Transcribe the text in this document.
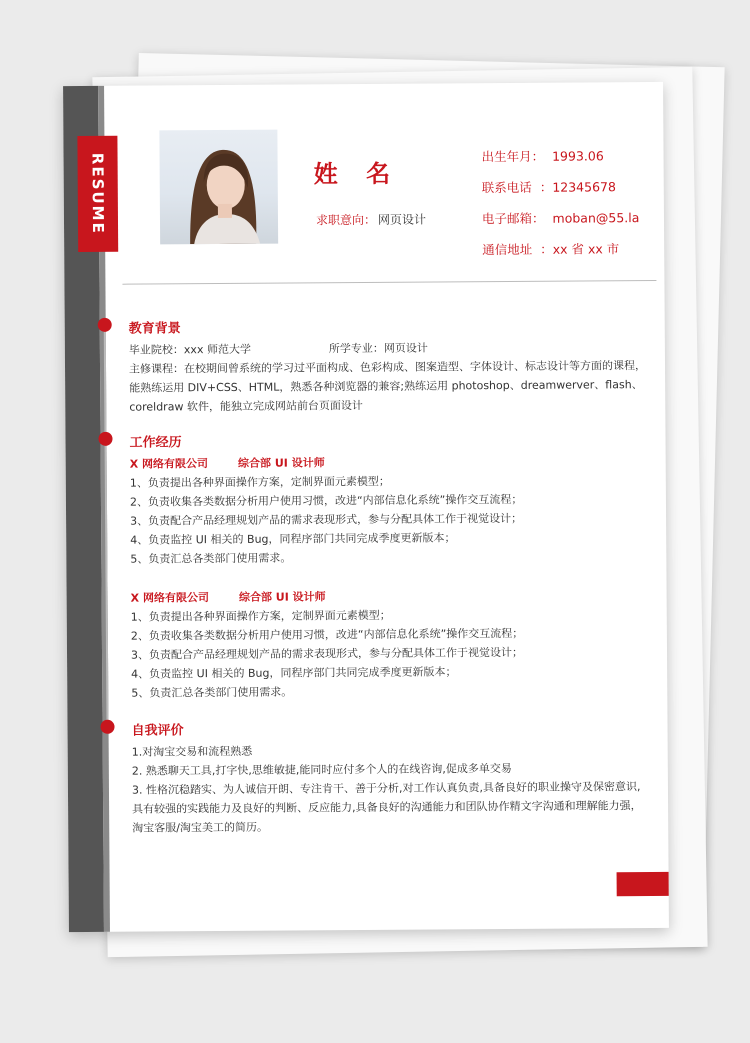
RESUME	姓 名
求职意向： 网页设计
出生年月： 1993.06
联系电话 ：12345678
电子邮箱： moban@55.la
通信地址 ：xx 省 xx 市
教育背景
毕业院校：xxx 师范大学	所学专业：网页设计
主修课程：在校期间曾系统的学习过平面构成、色彩构成、图案造型、字体设计、标志设计等方面的课程，
能熟练运用 DIV+CSS、HTML，熟悉各种浏览器的兼容;熟练运用 photoshop、dreamwerver、flash、
coreldraw 软件，能独立完成网站前台页面设计
工作经历
X 网络有限公司	综合部 UI 设计师
1、负责提出各种界面操作方案，定制界面元素模型；
2、负责收集各类数据分析用户使用习惯，改进“内部信息化系统”操作交互流程；
3、负责配合产品经理规划产品的需求表现形式，参与分配具体工作于视觉设计；
4、负责监控 UI 相关的 Bug，同程序部门共同完成季度更新版本；
5、负责汇总各类部门使用需求。
X 网络有限公司	综合部 UI 设计师
1、负责提出各种界面操作方案，定制界面元素模型；
2、负责收集各类数据分析用户使用习惯，改进“内部信息化系统”操作交互流程；
3、负责配合产品经理规划产品的需求表现形式，参与分配具体工作于视觉设计；
4、负责监控 UI 相关的 Bug，同程序部门共同完成季度更新版本；
5、负责汇总各类部门使用需求。
自我评价
1.对淘宝交易和流程熟悉
2. 熟悉聊天工具,打字快,思维敏捷,能同时应付多个人的在线咨询,促成多单交易
3. 性格沉稳踏实、为人诚信开朗、专注肯干、善于分析,对工作认真负责,具备良好的职业操守及保密意识,
具有较强的实践能力及良好的判断、反应能力,具备良好的沟通能力和团队协作精文字沟通和理解能力强，
淘宝客服/淘宝美工的简历。
